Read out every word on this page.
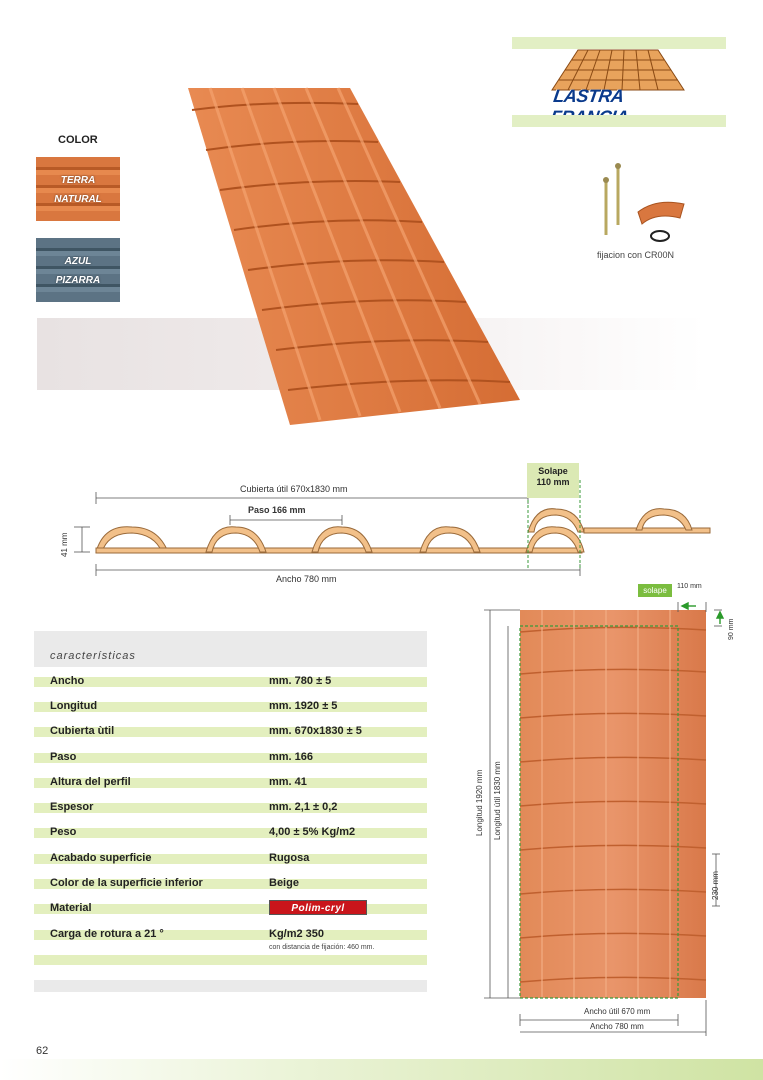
LASTRA
COLOR
TERRA
NATURAL
AZUL
PIZARRA
fijacion con CR00N
Cubierta útil 670x1830 mm
Paso 166 mm
41 mm
Ancho 780 mm
Solape
110 mm
características
Ancho	mm. 780 ± 5
Longitud	mm. 1920 ± 5
Cubierta ùtil	mm. 670x1830 ± 5
Paso	mm. 166
Altura del perfil	mm. 41
Espesor	mm. 2,1 ± 0,2
Peso	4,00 ± 5% Kg/m2
Acabado superficie	Rugosa
Color de la superficie inferior	Beige
Material	Polim-cryl
Carga de rotura a 21 °	Kg/m2 350
con distancia de fijación: 460 mm.
solape	110 mm
90 mm
Longitud 1920 mm Longitud útil 1830 mm
230 mm
Ancho útil 670 mm
Ancho 780 mm
62
